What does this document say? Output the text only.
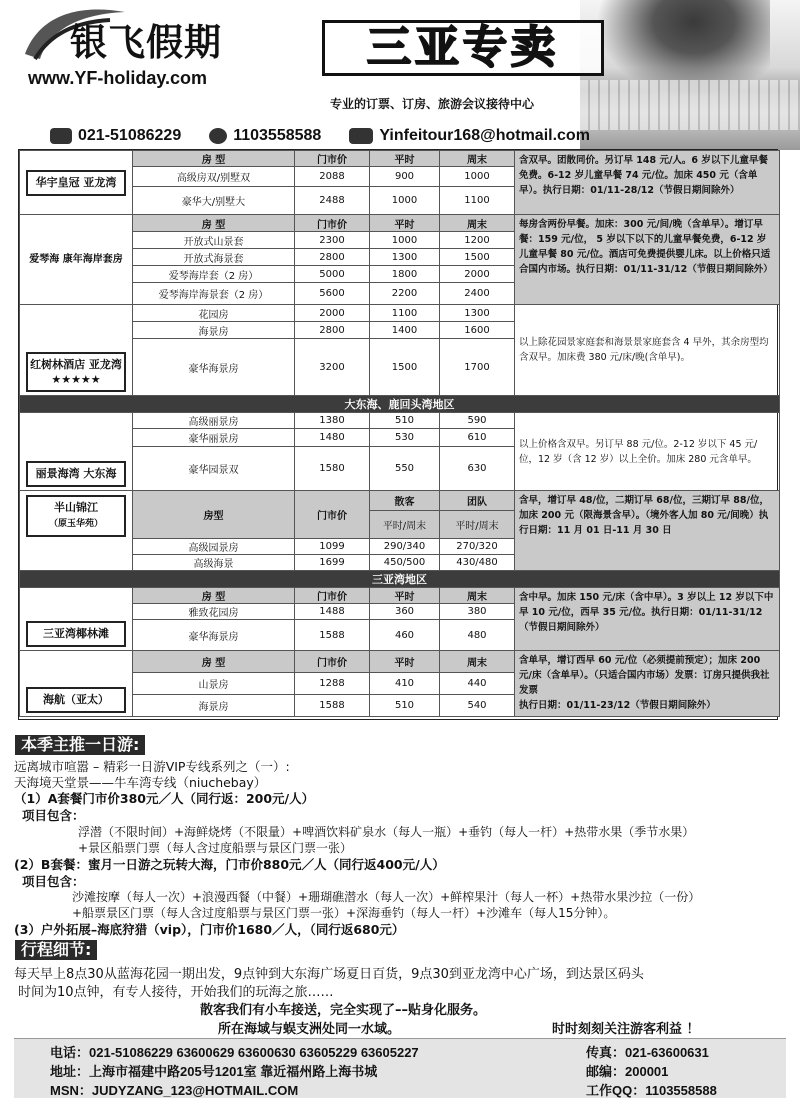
银飞假期
www.YF-holiday.com
三亚专卖
专业的订票、订房、旅游会议接待中心
021-51086229	1103558588	Yinfeitour168@hotmail.com
华宇皇冠 亚龙湾	房 型	门市价	平时	周末	含双早。团散同价。另订早 148 元/人。6 岁以下儿童早餐免费。6-12 岁儿童早餐 74 元/位。加床 450 元（含单早）。执行日期：01/11-28/12（节假日期间除外）
	高级房双/别墅双	2088	900	1000	
	豪华大/别墅大	2488	1000	1100	

爱琴海 康年海岸套房	房 型	门市价	平时	周末	每房含两份早餐。加床：300 元/间/晚（含单早）。增订早餐：159 元/位， 5 岁以下以下的儿童早餐免费，6-12 岁儿童早餐 80 元/位。酒店可免费提供婴儿床。以上价格只适合国内市场。执行日期：01/11-31/12（节假日期间除外）
	开放式山景套	2300	1000	1200	
	开放式海景套	2800	1300	1500	
	爱琴海岸套（2 房）	5000	1800	2000	
	爱琴海岸海景套（2 房）	5600	2200	2400	

红树林酒店 亚龙湾 ★★★★★	花园房	2000	1100	1300	以上除花园景家庭套和海景景家庭套含 4 早外，其余房型均含双早。加床费 380 元/床/晚(含单早)。
	海景房	2800	1400	1600	
	豪华海景房	3200	1500	1700	
大东海、鹿回头湾地区					

丽景海湾 大东海	高级丽景房	1380	510	590	以上价格含双早。另订早 88 元/位。2-12 岁以下 45 元/位，12 岁（含 12 岁）以上全价。加床 280 元含单早。
	豪华丽景房	1480	530	610	
	豪华园景双	1580	550	630	

半山锦江
（原玉华苑）	房型	门市价	散客	团队	含早，增订早 48/位，二期订早 68/位，三期订早 88/位，加床 200 元（限海景含早）。（境外客人加 80 元/间晚）执行日期：11 月 01 日-11 月 30 日
			平时/周末	平时/周末	
	高级园景房	1099	290/340	270/320	
	高级海景	1699	450/500	430/480	
三亚湾地区					

三亚湾椰林滩	房 型	门市价	平时	周末	含中早。加床 150 元/床（含中早）。3 岁以上 12 岁以下中早 10 元/位，西早 35 元/位。执行日期：01/11-31/12（节假日期间除外）
	雅致花园房	1488	360	380	
	豪华海景房	1588	460	480	

海航（亚太）	房 型	门市价	平时	周末	含单早，增订西早 60 元/位（必须提前预定）；加床 200 元/床（含单早）。（只适合国内市场）发票：订房只提供我社发票
执行日期：01/11-23/12（节假日期间除外）
	山景房	1288	410	440	
	海景房	1588	510	540	
本季主推一日游:
远离城市喧嚣 – 精彩一日游VIP专线系列之（一）:
天海境天堂景——牛车湾专线（niuchebay）
（1）A套餐门市价380元／人（同行返：200元/人）
项目包含：
浮潜（不限时间）+海鲜烧烤（不限量）+啤酒饮料矿泉水（每人一瓶）+垂钓（每人一杆）+热带水果（季节水果）
+景区船票门票（每人含过度船票与景区门票一张）
(2）B套餐：蜜月一日游之玩转大海，门市价880元／人（同行返400元/人）
项目包含：
沙滩按摩（每人一次）+浪漫西餐（中餐）+珊瑚礁潜水（每人一次）+鲜榨果汁（每人一杯）+热带水果沙拉（一份）
+船票景区门票（每人含过度船票与景区门票一张）+深海垂钓（每人一杆）+沙滩车（每人15分钟）。
(3）户外拓展–海底狩猎（vip），门市价1680／人，（同行返680元）
行程细节:
每天早上8点30从蓝海花园一期出发，9点钟到大东海广场夏日百货，9点30到亚龙湾中心广场，到达景区码头
时间为10点钟，有专人接待，开始我们的玩海之旅……
散客我们有小车接送，完全实现了––贴身化服务。
所在海域与蜈支洲处同一水域。	时时刻刻关注游客利益 ！
电话：021-51086229 63600629 63600630 63605229 63605227	传真：021-63600631
地址：上海市福建中路205号1201室 靠近福州路上海书城	邮编：200001
MSN：JUDYZANG_123@HOTMAIL.COM	工作QQ：1103558588
